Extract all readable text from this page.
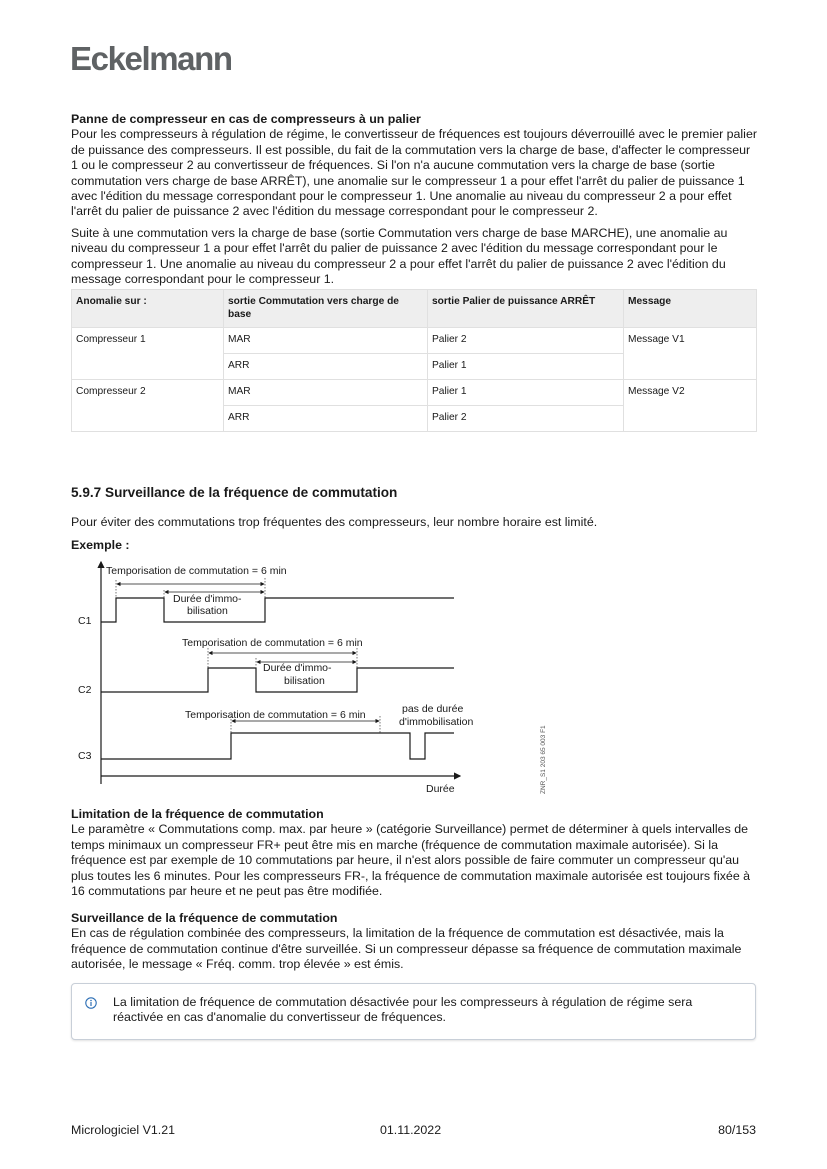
Eckelmann

Panne de compresseur en cas de compresseurs à un palier

Pour les compresseurs à régulation de régime, le convertisseur de fréquences est toujours déverrouillé avec le premier palier de puissance des compresseurs. Il est possible, du fait de la commutation vers la charge de base, d'affecter le compresseur 1 ou le compresseur 2 au convertisseur de fréquences. Si l'on n'a aucune commutation vers la charge de base (sortie commutation vers charge de base ARRÊT), une anomalie sur le compresseur 1 a pour effet l'arrêt du palier de puissance 1 avec l'édition du message correspondant pour le compresseur 1. Une anomalie au niveau du compresseur 2 a pour effet l'arrêt du palier de puissance 2 avec l'édition du message correspondant pour le compresseur 2.

Suite à une commutation vers la charge de base (sortie Commutation vers charge de base MARCHE), une anomalie au niveau du compresseur 1 a pour effet l'arrêt du palier de puissance 2 avec l'édition du message correspondant pour le compresseur 1. Une anomalie au niveau du compresseur 2 a pour effet l'arrêt du palier de puissance 2 avec l'édition du message correspondant pour le compresseur 1.

Anomalie sur :	sortie Commutation vers charge de base	sortie Palier de puissance ARRÊT	Message
Compresseur 1	MAR	Palier 2	Message V1
	ARR	Palier 1	
Compresseur 2	MAR	Palier 1	Message V2
	ARR	Palier 2	
5.9.7 Surveillance de la fréquence de commutation
Pour éviter des commutations trop fréquentes des compresseurs, leur nombre horaire est limité.
Exemple :
C1
C2
C3
Temporisation de commutation = 6 min
Durée d'immo-
bilisation
Temporisation de commutation = 6 min
Durée d'immo-
bilisation
Temporisation de commutation = 6 min	pas de durée
d'immobilisation
Durée	ZNR_S1 203 65 003 F1

Limitation de la fréquence de commutation

Le paramètre « Commutations comp. max. par heure » (catégorie Surveillance) permet de déterminer à quels intervalles de temps minimaux un compresseur FR+ peut être mis en marche (fréquence de commutation maximale autorisée). Si la fréquence est par exemple de 10 commutations par heure, il n'est alors possible de faire commuter un compresseur qu'au plus toutes les 6 minutes. Pour les compresseurs FR-, la fréquence de commutation maximale autorisée est toujours fixée à 16 commutations par heure et ne peut pas être modifiée.

Surveillance de la fréquence de commutation

En cas de régulation combinée des compresseurs, la limitation de la fréquence de commutation est désactivée, mais la fréquence de commutation continue d'être surveillée. Si un compresseur dépasse sa fréquence de commutation maximale autorisée, le message « Fréq. comm. trop élevée » est émis.

La limitation de fréquence de commutation désactivée pour les compresseurs à régulation de régime sera réactivée en cas d'anomalie du convertisseur de fréquences.
Micrologiciel V1.21	01.11.2022	80/153
